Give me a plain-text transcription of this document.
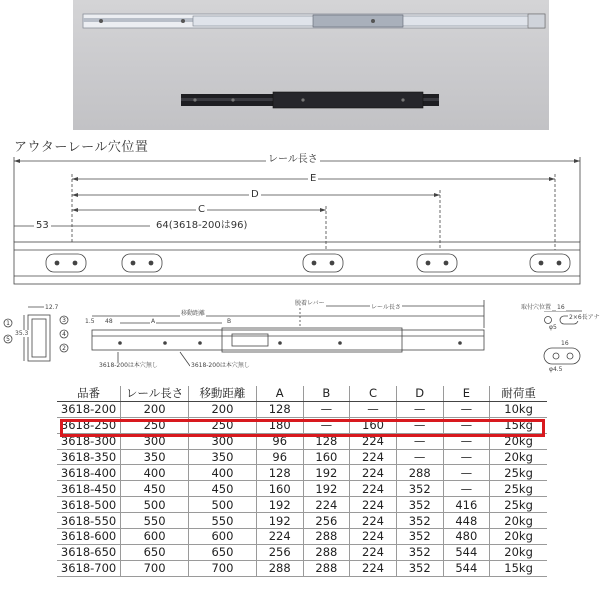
1	3
4
2
5
アウターレール穴位置
レール長さ
E
D
C
53	64(3618-200は96)
12.7
35.3
1.5 48	A	B
移動距離
脱着レバー
レール長さ
3618-200は本穴無し	3618-200は本穴無し
取付穴位置 16
φ5
2×6長アナ
16
φ4.5
品番	レール長さ	移動距離	A	B	C	D	E	耐荷重
3618-200	200	200	128	—	—	—	—	10kg
3618-250	250	250	180	—	160	—	—	15kg
3618-300	300	300	96	128	224	—	—	20kg
3618-350	350	350	96	160	224	—	—	20kg
3618-400	400	400	128	192	224	288	—	25kg
3618-450	450	450	160	192	224	352	—	25kg
3618-500	500	500	192	224	224	352	416	25kg
3618-550	550	550	192	256	224	352	448	20kg
3618-600	600	600	224	288	224	352	480	20kg
3618-650	650	650	256	288	224	352	544	20kg
3618-700	700	700	288	288	224	352	544	15kg
